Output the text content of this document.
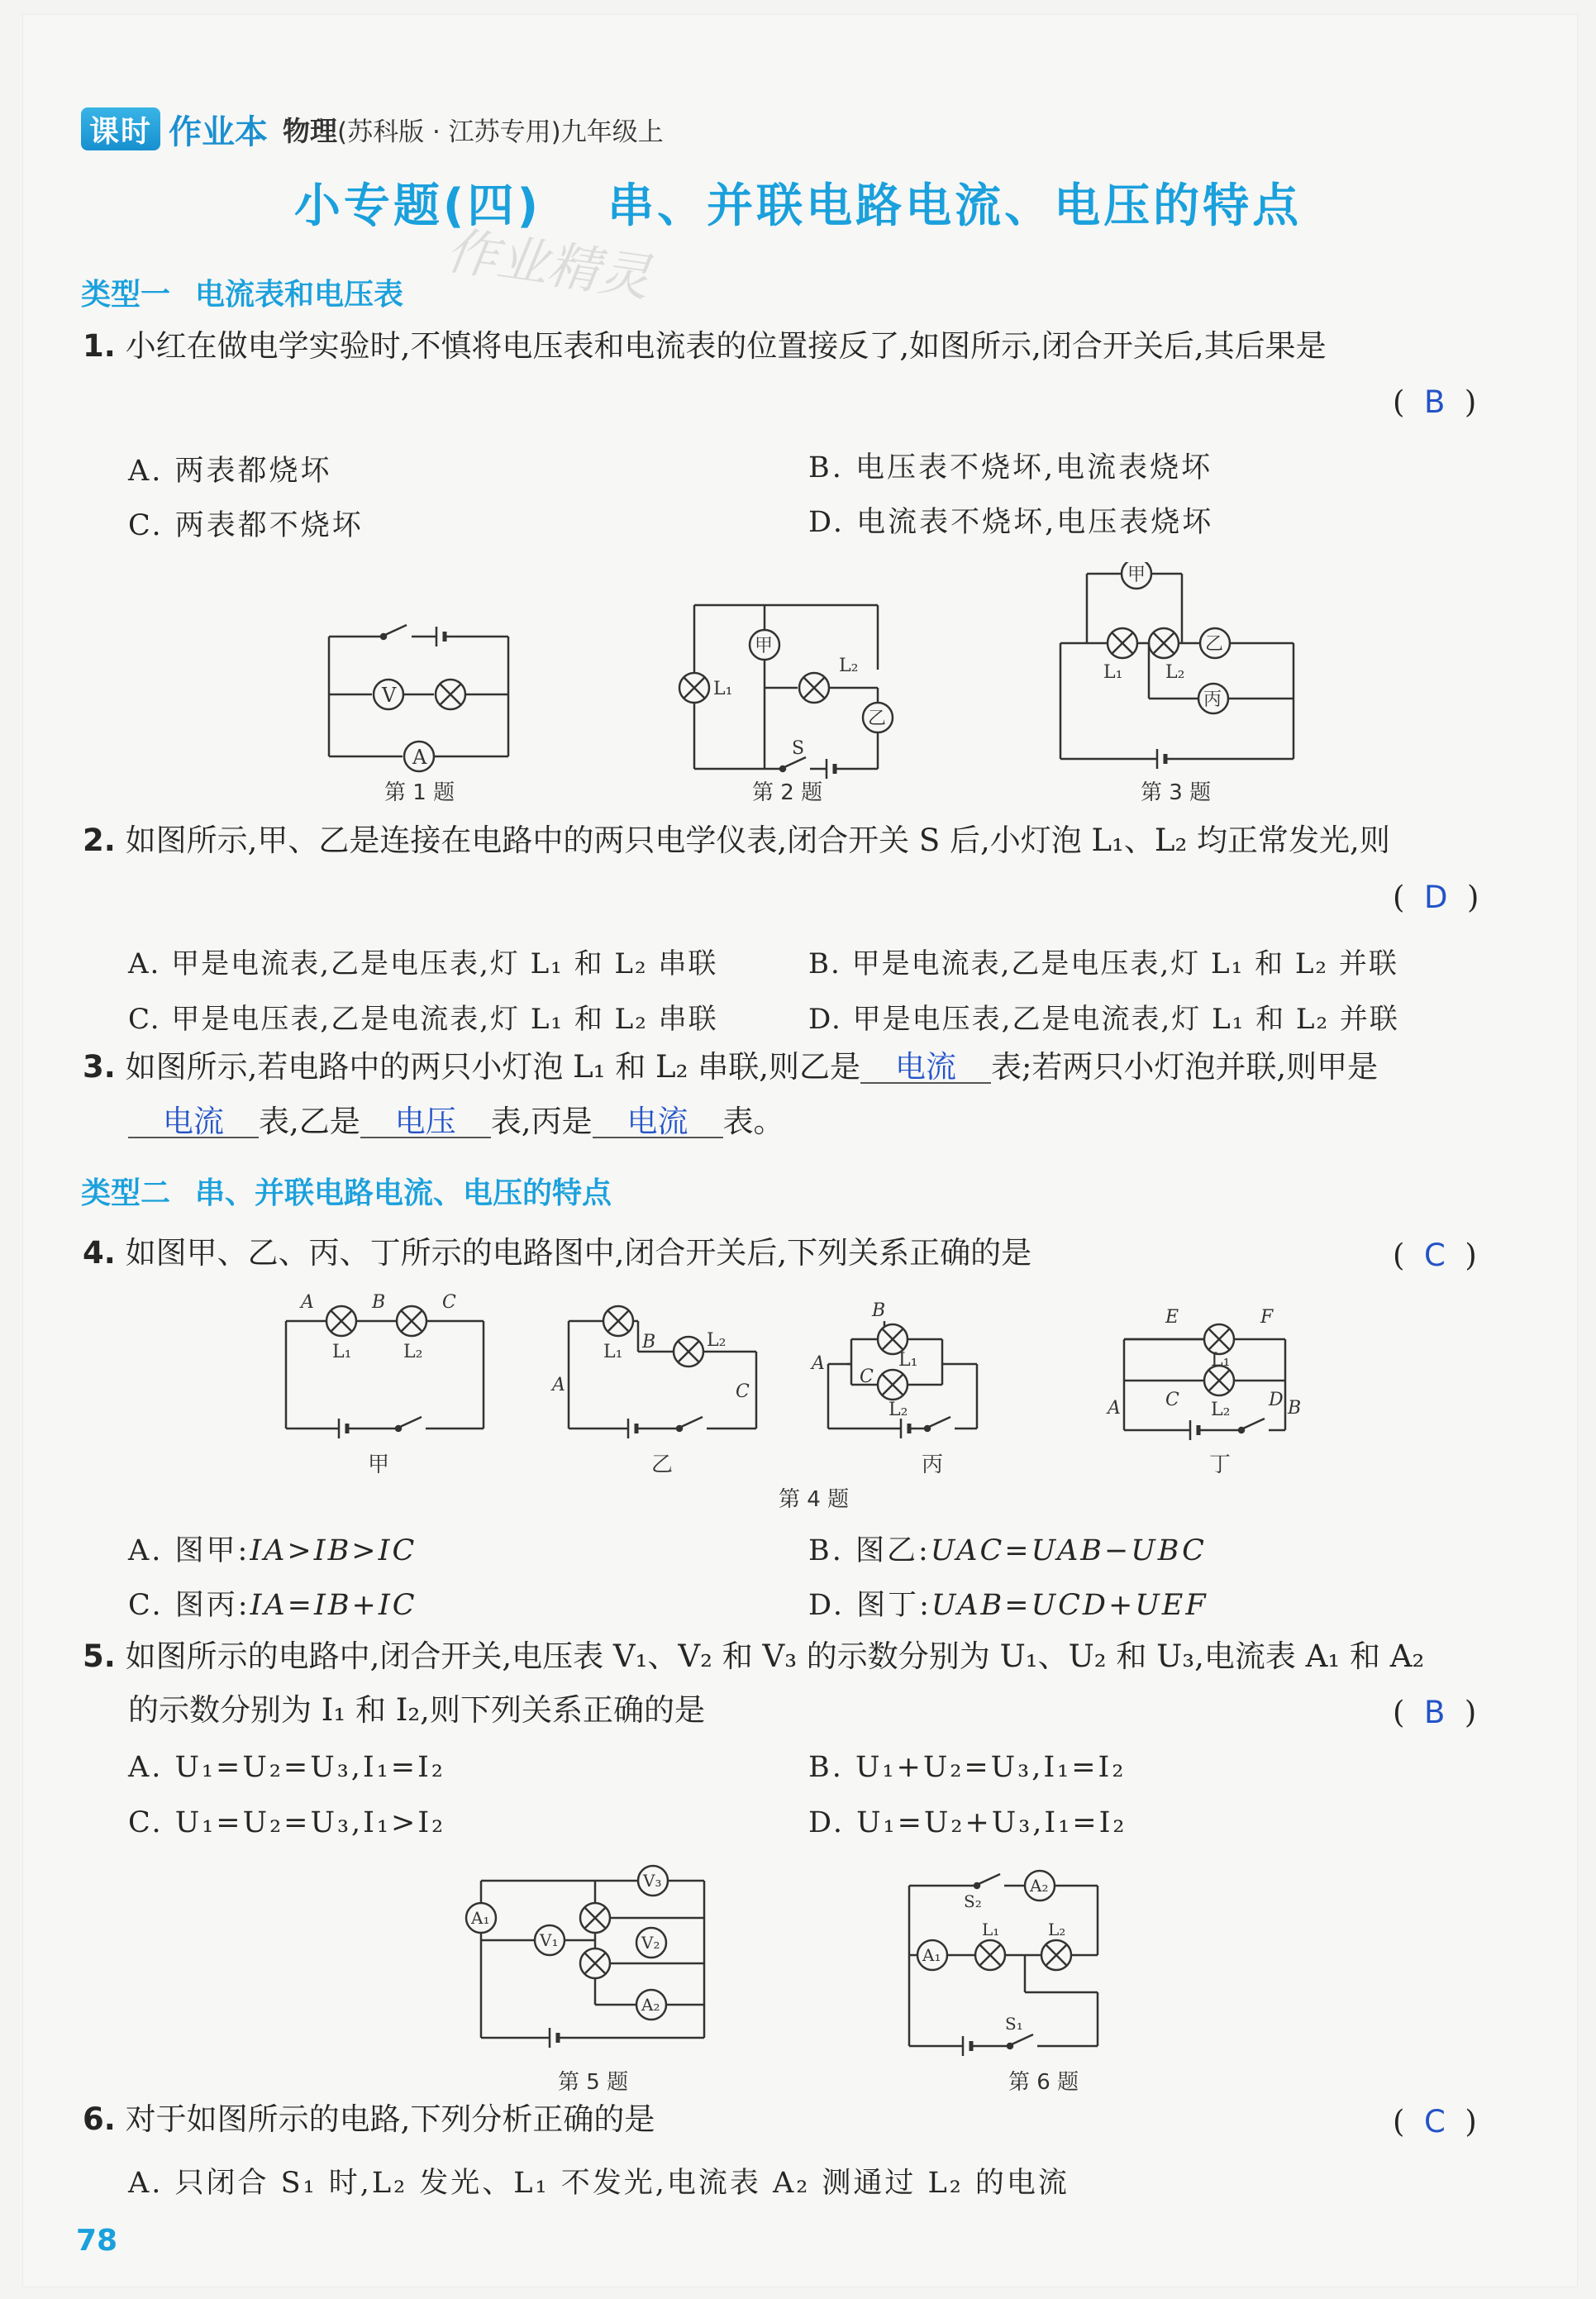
课时 作业本 物理(苏科版 · 江苏专用)九年级上
小专题(四) 串、并联电路电流、电压的特点
作业精灵
类型一 电流表和电压表
1. 小红在做电学实验时,不慎将电压表和电流表的位置接反了,如图所示,闭合开关后,其后果是
(  B  )
A. 两表都烧坏	B. 电压表不烧坏,电流表烧坏
C. 两表都不烧坏	D. 电流表不烧坏,电压表烧坏
V
A
第 1 题
甲
乙
L₁
L₂
S
第 2 题
甲
乙
丙
L₁ L₂
第 3 题
2. 如图所示,甲、乙是连接在电路中的两只电学仪表,闭合开关 S 后,小灯泡 L₁、L₂ 均正常发光,则
(  D  )
A. 甲是电流表,乙是电压表,灯 L₁ 和 L₂ 串联	B. 甲是电流表,乙是电压表,灯 L₁ 和 L₂ 并联
C. 甲是电压表,乙是电流表,灯 L₁ 和 L₂ 串联	D. 甲是电压表,乙是电流表,灯 L₁ 和 L₂ 并联
3. 如图所示,若电路中的两只小灯泡 L₁ 和 L₂ 串联,则乙是 电流 表;若两只小灯泡并联,则甲是
电流 表,乙是 电压 表,丙是 电流 表。
类型二 串、并联电路电流、电压的特点
4. 如图甲、乙、丙、丁所示的电路图中,闭合开关后,下列关系正确的是	(  C  )
A	B	C
L₁	L₂
甲
A
B
C
L₁
L₂
乙
A
B
C
L₁
L₂
丙
A	B
C	D
E	F
L₁
L₂
丁
第 4 题
A. 图甲:IA>IB>IC	B. 图乙:UAC=UAB−UBC
C. 图丙:IA=IB+IC	D. 图丁:UAB=UCD+UEF
5. 如图所示的电路中,闭合开关,电压表 V₁、V₂ 和 V₃ 的示数分别为 U₁、U₂ 和 U₃,电流表 A₁ 和 A₂
的示数分别为 I₁ 和 I₂,则下列关系正确的是	(  B  )
A. U₁=U₂=U₃,I₁=I₂	B. U₁+U₂=U₃,I₁=I₂
C. U₁=U₂=U₃,I₁>I₂	D. U₁=U₂+U₃,I₁=I₂
A₁
V₁	V₂
V₃
A₂
第 5 题
A₂
A₁
S₂
S₁
L₁	L₂
第 6 题
6. 对于如图所示的电路,下列分析正确的是	(  C  )
A. 只闭合 S₁ 时,L₂ 发光、L₁ 不发光,电流表 A₂ 测通过 L₂ 的电流
78
